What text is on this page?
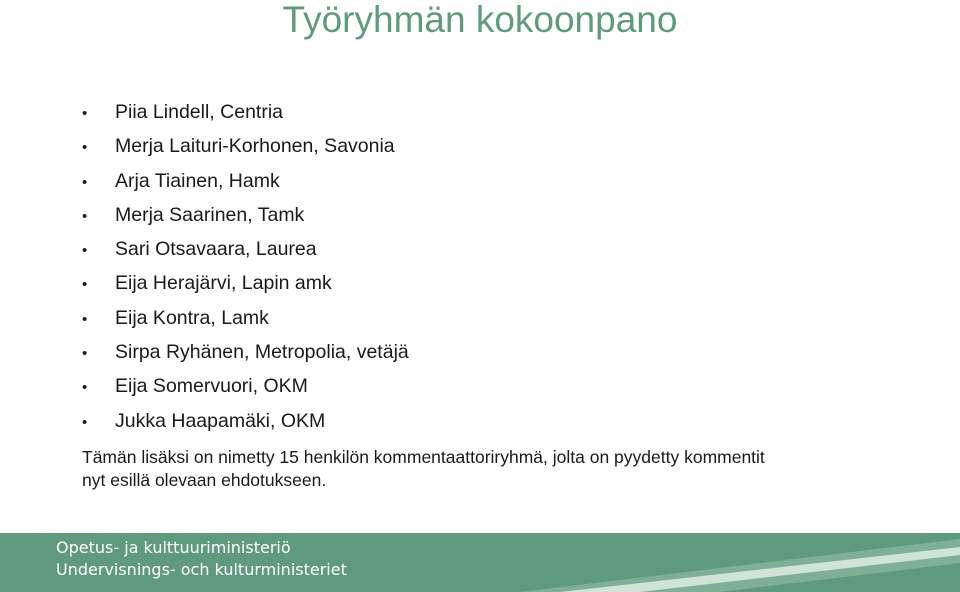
Työryhmän kokoonpano
•	Piia Lindell, Centria
•	Merja Laituri-Korhonen, Savonia
•	Arja Tiainen, Hamk
•	Merja Saarinen, Tamk
•	Sari Otsavaara, Laurea
•	Eija Herajärvi, Lapin amk
•	Eija Kontra, Lamk
•	Sirpa Ryhänen, Metropolia, vetäjä
•	Eija Somervuori, OKM
•	Jukka Haapamäki, OKM

Tämän lisäksi on nimetty 15 henkilön kommentaattoriryhmä, jolta on pyydetty kommentit
nyt esillä olevaan ehdotukseen.

Opetus- ja kulttuuriministeriö
Undervisnings- och kulturministeriet
